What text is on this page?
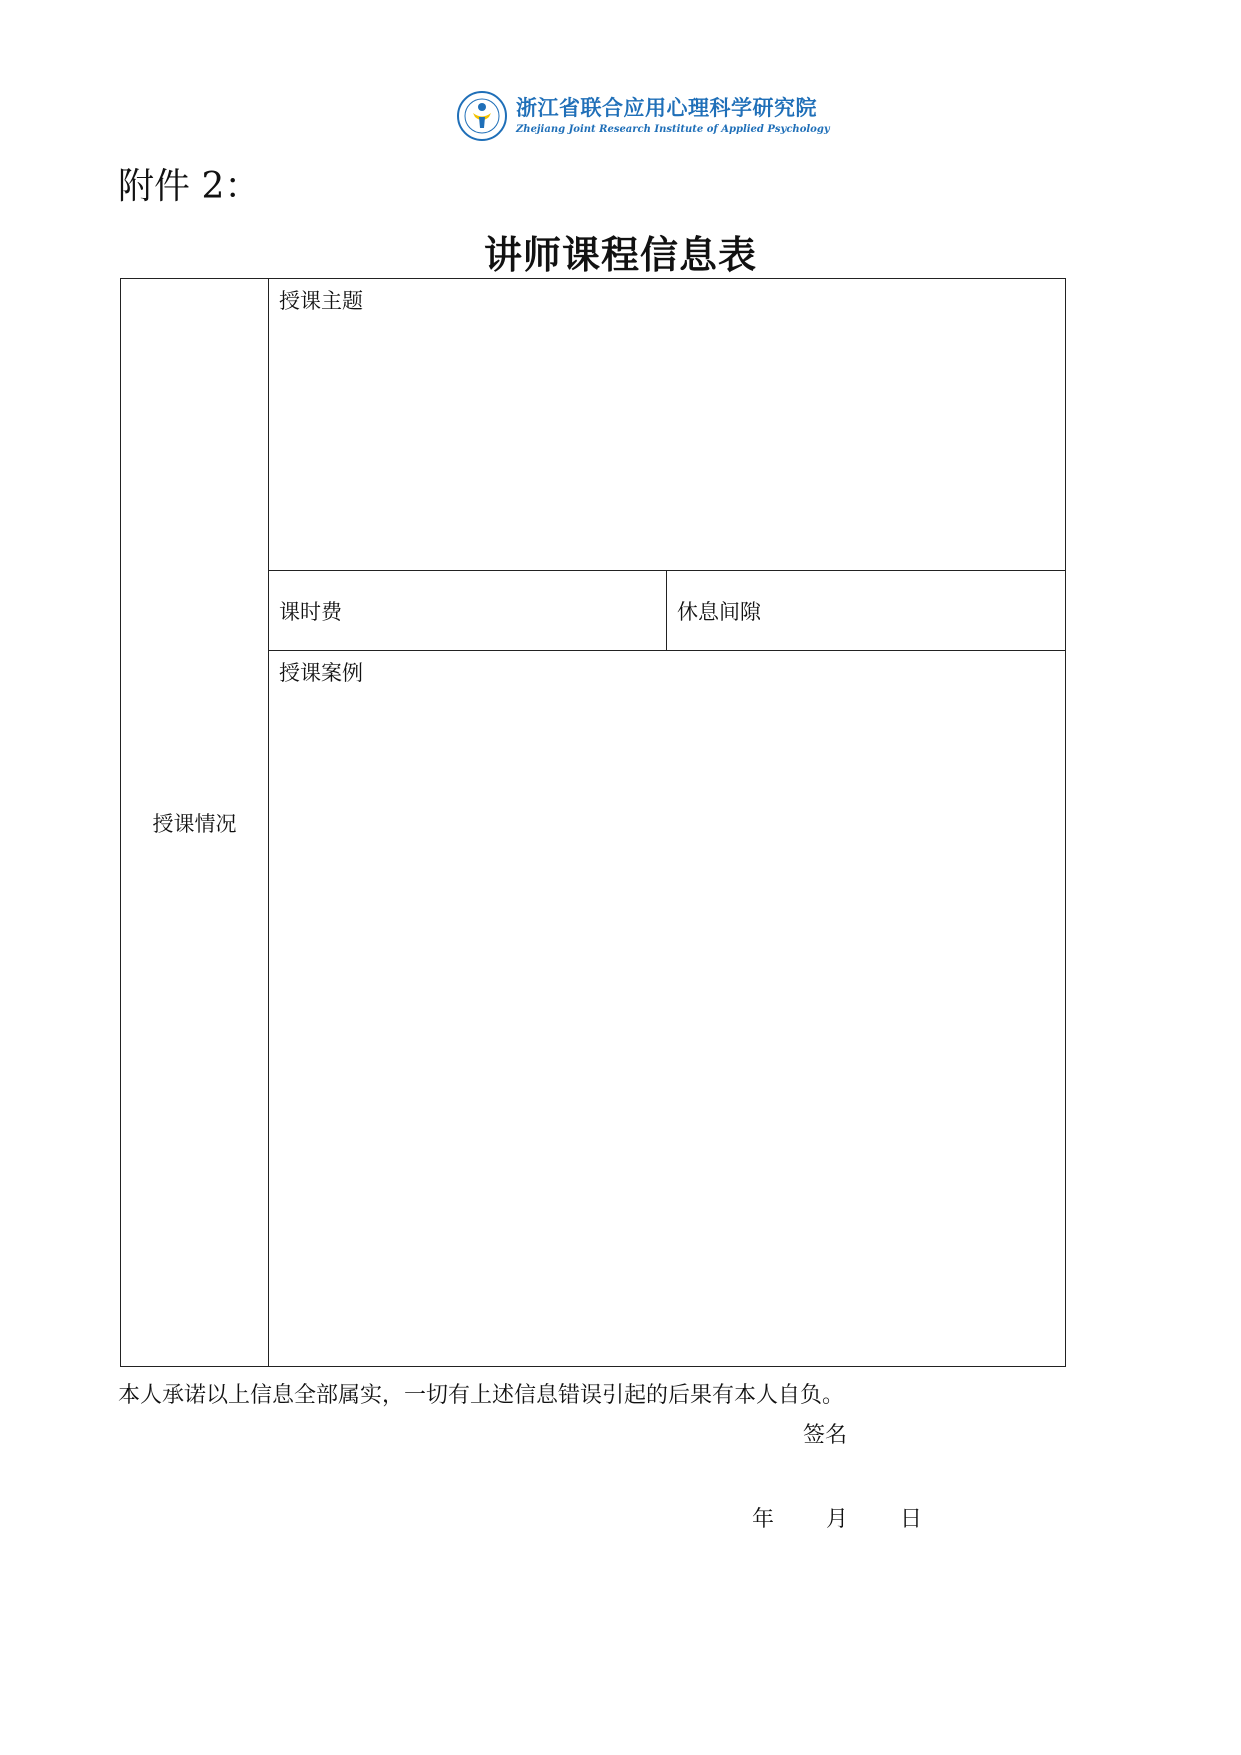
浙江省联合应用心理科学研究院
Zhejiang Joint Research Institute of Applied Psychology
附件 2：
讲师课程信息表
授课情况	授课主题	
	课时费	休息间隙
	授课案例	
本人承诺以上信息全部属实，一切有上述信息错误引起的后果有本人自负。
签名
年 月 日
